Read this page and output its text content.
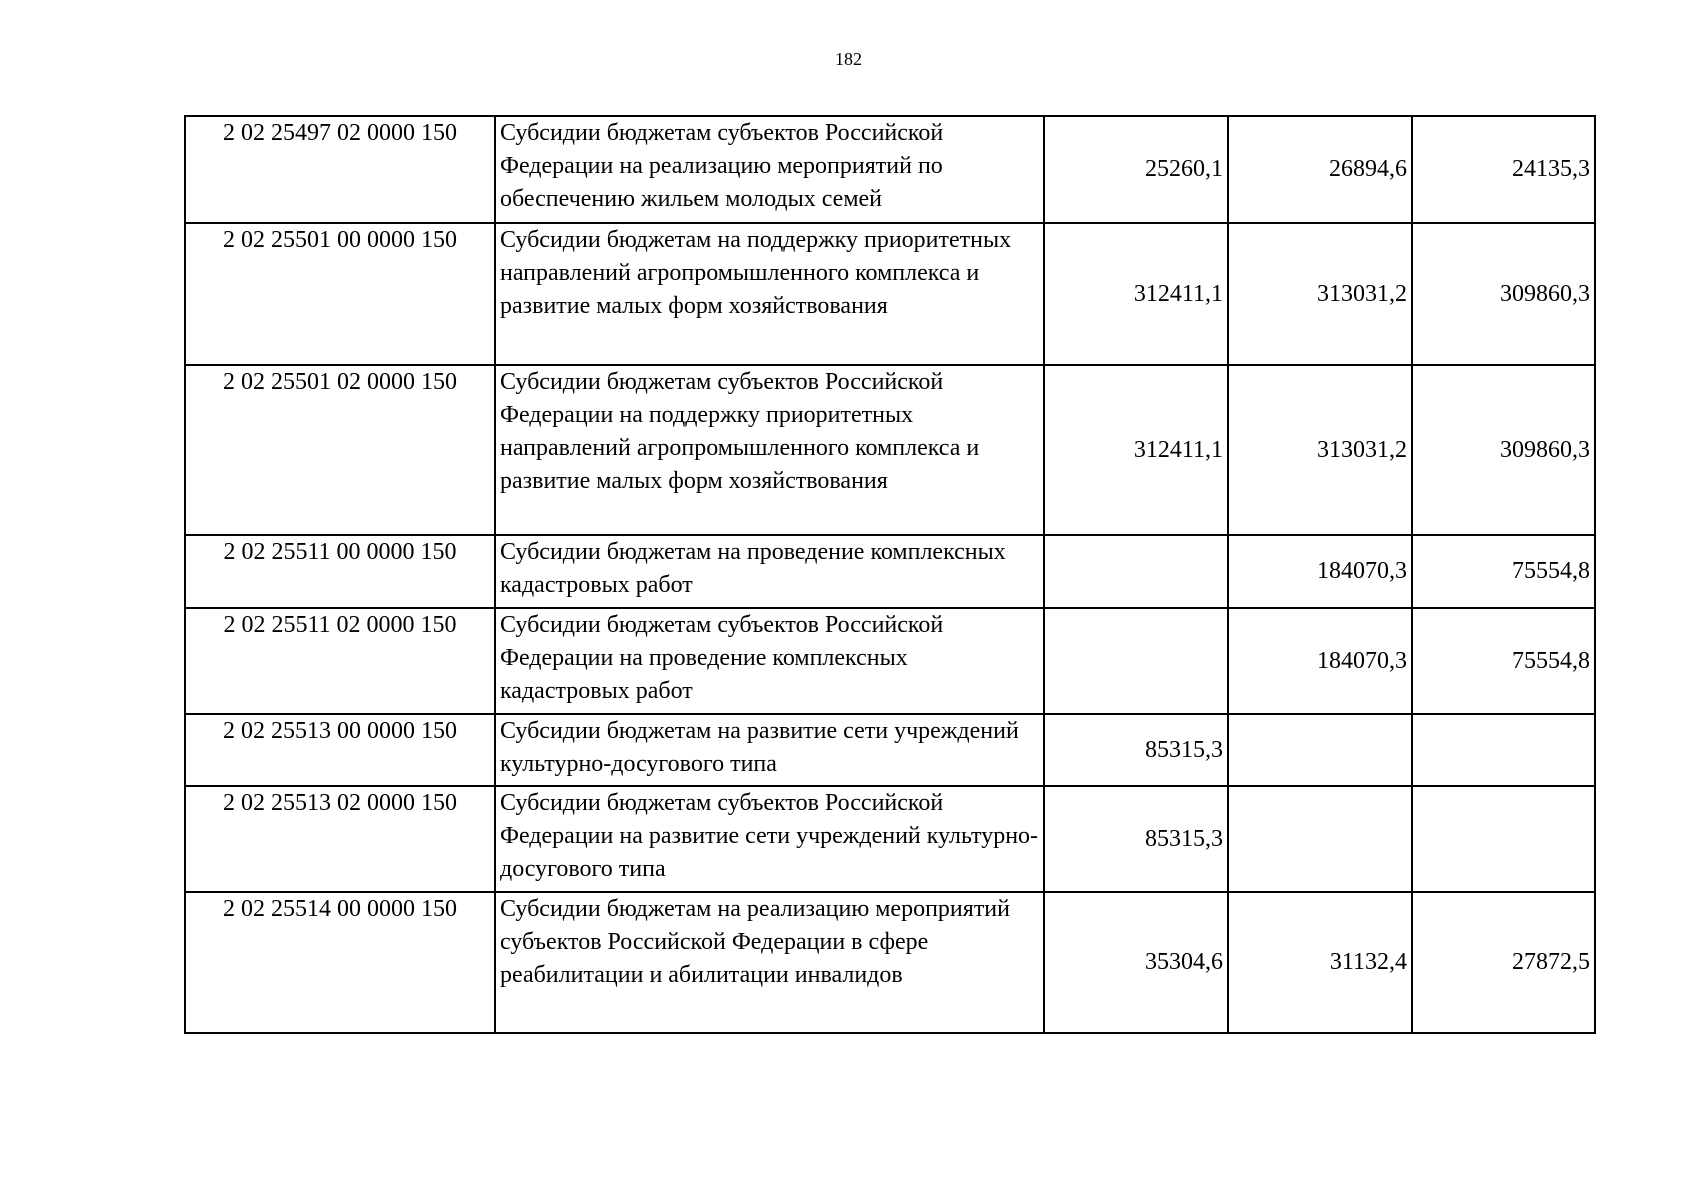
182
2 02 25497 02 0000 150	Субсидии бюджетам субъектов Российской Федерации на реализацию мероприятий по обеспечению жильем молодых семей	25260,1	26894,6	24135,3
2 02 25501 00 0000 150	Субсидии бюджетам на поддержку приоритетных направлений агропромышленного комплекса и развитие малых форм хозяйствования	312411,1	313031,2	309860,3
2 02 25501 02 0000 150	Субсидии бюджетам субъектов Российской Федерации на поддержку приоритетных направлений агропромышленного комплекса и развитие малых форм хозяйствования	312411,1	313031,2	309860,3
2 02 25511 00 0000 150	Субсидии бюджетам на проведение комплексных кадастровых работ		184070,3	75554,8
2 02 25511 02 0000 150	Субсидии бюджетам субъектов Российской Федерации на проведение комплексных кадастровых работ		184070,3	75554,8
2 02 25513 00 0000 150	Субсидии бюджетам на развитие сети учреждений культурно-досугового типа	85315,3		
2 02 25513 02 0000 150	Субсидии бюджетам субъектов Российской Федерации на развитие сети учреждений культурно-досугового типа	85315,3		
2 02 25514 00 0000 150	Субсидии бюджетам на реализацию мероприятий субъектов Российской Федерации в сфере реабилитации и абилитации инвалидов	35304,6	31132,4	27872,5
